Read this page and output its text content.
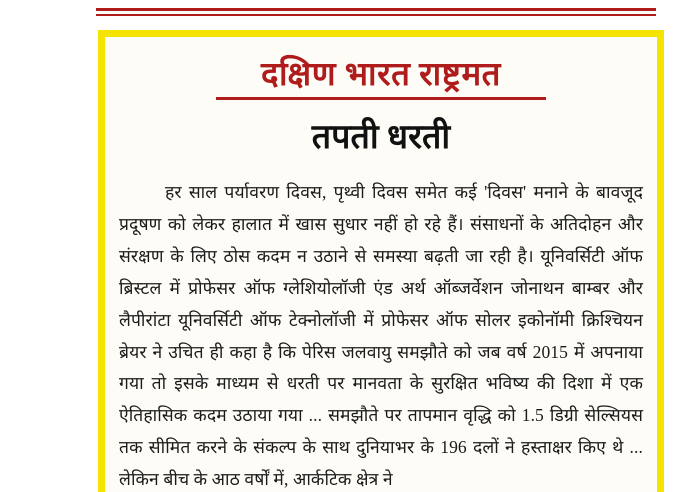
दक्षिण भारत राष्ट्रमत
तपती धरती
हर साल पर्यावरण दिवस, पृथ्वी दिवस समेत कई 'दिवस' मनाने के बावजूद प्रदूषण को लेकर हालात में खास सुधार नहीं हो रहे हैं। संसाधनों के अतिदोहन और संरक्षण के लिए ठोस कदम न उठाने से समस्या बढ़ती जा रही है। यूनिवर्सिटी ऑफ ब्रिस्टल में प्रोफेसर ऑफ ग्लेशियोलॉजी एंड अर्थ ऑब्जर्वेशन जोनाथन बाम्बर और लैपीरांटा यूनिवर्सिटी ऑफ टेक्नोलॉजी में प्रोफेसर ऑफ सोलर इकोनॉमी क्रिश्चियन ब्रेयर ने उचित ही कहा है कि पेरिस जलवायु समझौते को जब वर्ष 2015 में अपनाया गया तो इसके माध्यम से धरती पर मानवता के सुरक्षित भविष्य की दिशा में एक ऐतिहासिक कदम उठाया गया ... समझौते पर तापमान वृद्धि को 1.5 डिग्री सेल्सियस तक सीमित करने के संकल्प के साथ दुनियाभर के 196 दलों ने हस्ताक्षर किए थे ... लेकिन बीच के आठ वर्षों में, आर्कटिक क्षेत्र ने
